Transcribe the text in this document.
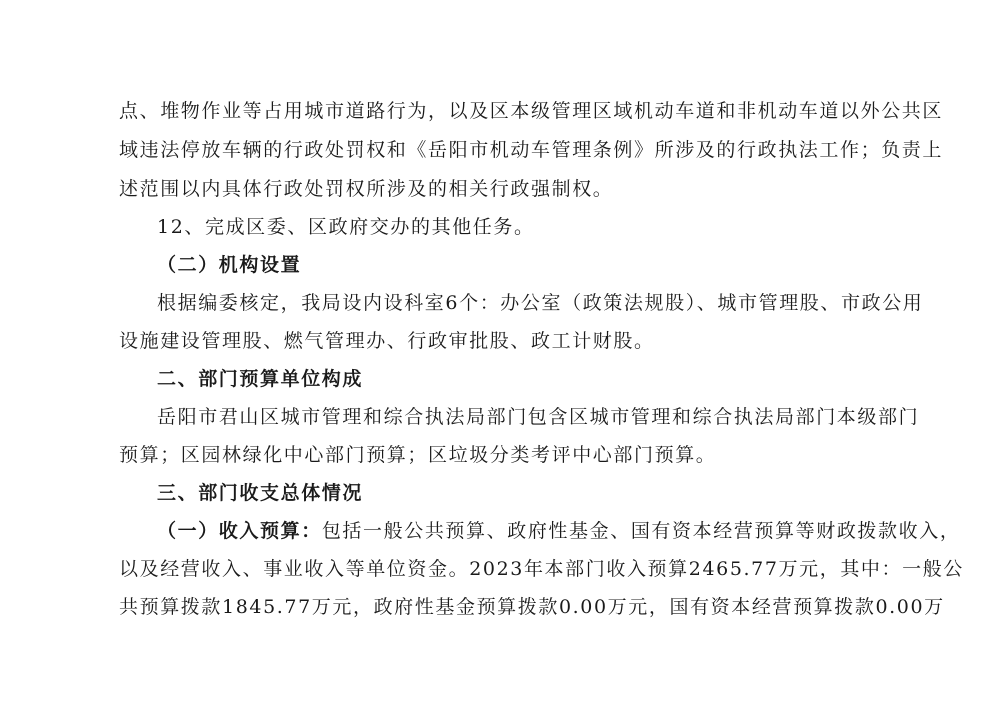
点、堆物作业等占用城市道路行为，以及区本级管理区域机动车道和非机动车道以外公共区
域违法停放车辆的行政处罚权和《岳阳市机动车管理条例》所涉及的行政执法工作；负责上
述范围以内具体行政处罚权所涉及的相关行政强制权。
12、完成区委、区政府交办的其他任务。
（二）机构设置
根据编委核定，我局设内设科室6个：办公室（政策法规股）、城市管理股、市政公用
设施建设管理股、燃气管理办、行政审批股、政工计财股。
二、部门预算单位构成
岳阳市君山区城市管理和综合执法局部门包含区城市管理和综合执法局部门本级部门
预算；区园林绿化中心部门预算；区垃圾分类考评中心部门预算。
三、部门收支总体情况
（一）收入预算：包括一般公共预算、政府性基金、国有资本经营预算等财政拨款收入，
以及经营收入、事业收入等单位资金。2023年本部门收入预算2465.77万元，其中：一般公
共预算拨款1845.77万元，政府性基金预算拨款0.00万元，国有资本经营预算拨款0.00万
